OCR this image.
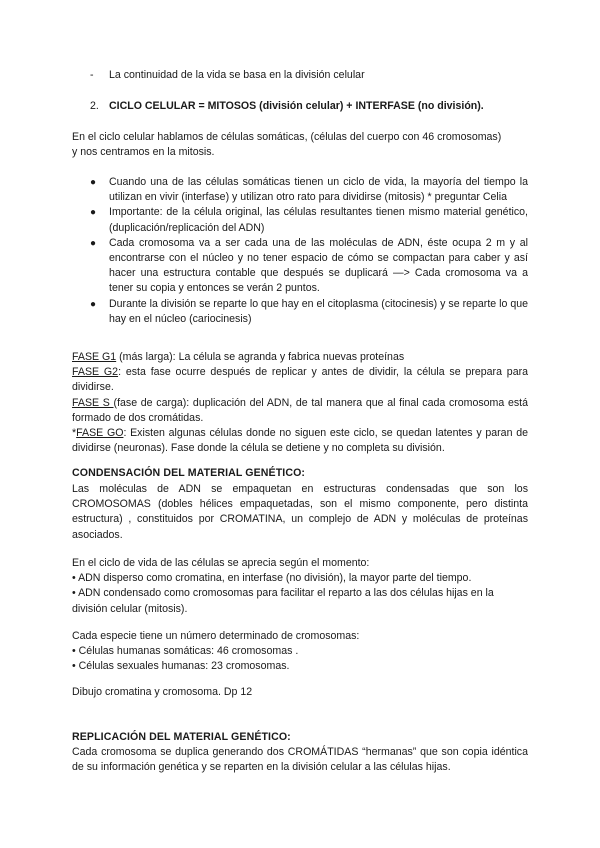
- La continuidad de la vida se basa en la división celular
2. CICLO CELULAR = MITOSOS (división celular) + INTERFASE (no división).

En el ciclo celular hablamos de células somáticas, (células del cuerpo con 46 cromosomas)
y nos centramos en la mitosis.

● Cuando una de las células somáticas tienen un ciclo de vida, la mayoría del tiempo la utilizan en vivir (interfase) y utilizan otro rato para dividirse (mitosis) * preguntar Celia
● Importante: de la célula original, las células resultantes tienen mismo material genético, (duplicación/replicación del ADN)
● Cada cromosoma va a ser cada una de las moléculas de ADN, éste ocupa 2 m y al encontrarse con el núcleo y no tener espacio de cómo se compactan para caber y así hacer una estructura contable que después se duplicará —> Cada cromosoma va a tener su copia y entonces se verán 2 puntos.
● Durante la división se reparte lo que hay en el citoplasma (citocinesis) y se reparte lo que hay en el núcleo (cariocinesis)
FASE G1 (más larga): La célula se agranda y fabrica nuevas proteínas
FASE G2: esta fase ocurre después de replicar y antes de dividir, la célula se prepara para dividirse.
FASE S (fase de carga): duplicación del ADN, de tal manera que al final cada cromosoma está formado de dos cromátidas.
*FASE GO: Existen algunas células donde no siguen este ciclo, se quedan latentes y paran de dividirse (neuronas). Fase donde la célula se detiene y no completa su división.
CONDENSACIÓN DEL MATERIAL GENÉTICO:

Las moléculas de ADN se empaquetan en estructuras condensadas que son los CROMOSOMAS (dobles hélices empaquetadas, son el mismo componente, pero distinta estructura) , constituidos por CROMATINA, un complejo de ADN y moléculas de proteínas asociados.

En el ciclo de vida de las células se aprecia según el momento:
• ADN disperso como cromatina, en interfase (no división), la mayor parte del tiempo.
• ADN condensado como cromosomas para facilitar el reparto a las dos células hijas en la división celular (mitosis).
Cada especie tiene un número determinado de cromosomas:
• Células humanas somáticas: 46 cromosomas .
• Células sexuales humanas: 23 cromosomas.
Dibujo cromatina y cromosoma. Dp 12
REPLICACIÓN DEL MATERIAL GENÉTICO:

Cada cromosoma se duplica generando dos CROMÁTIDAS “hermanas” que son copia idéntica de su información genética y se reparten en la división celular a las células hijas.
